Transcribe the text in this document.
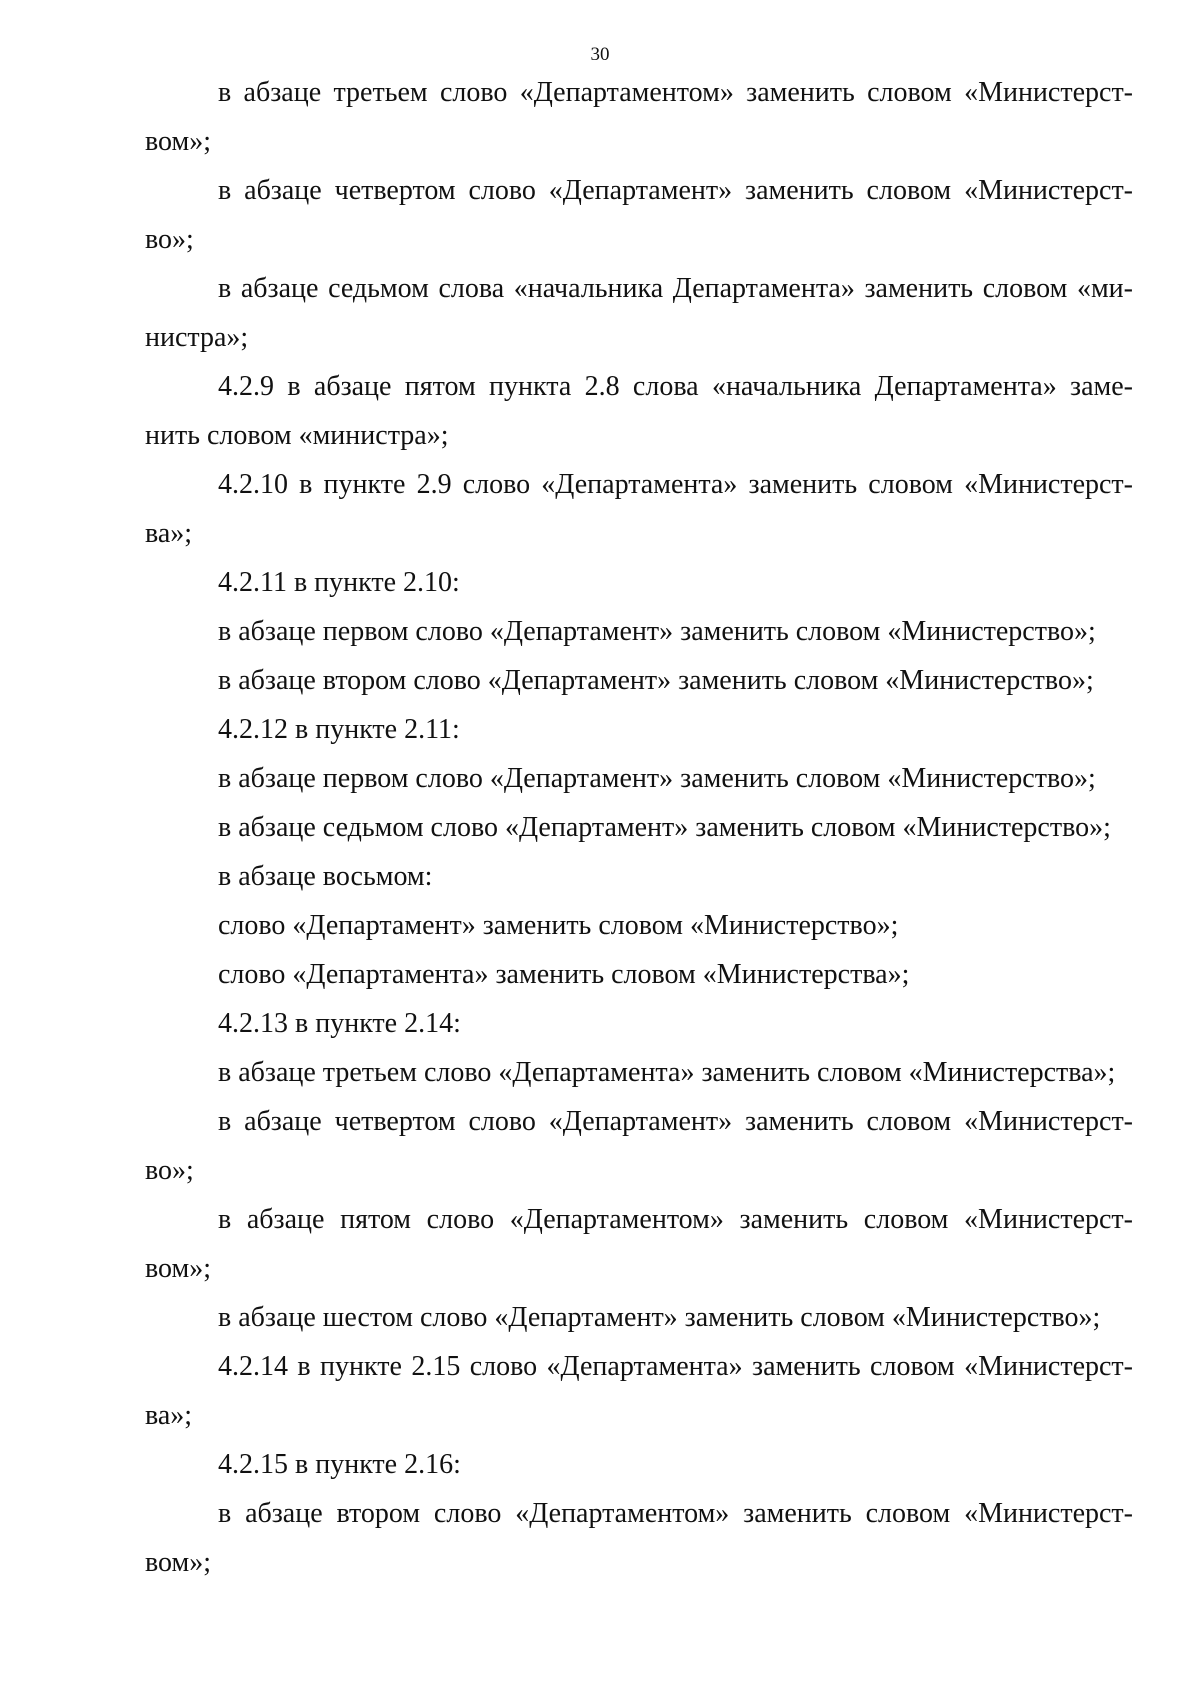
30
в абзаце третьем слово «Департаментом» заменить словом «Министерст-
вом»;
в абзаце четвертом слово «Департамент» заменить словом «Министерст-
во»;
в абзаце седьмом слова «начальника Департамента» заменить словом «ми-
нистра»;
4.2.9 в абзаце пятом пункта 2.8 слова «начальника Департамента» заме-
нить словом «министра»;
4.2.10 в пункте 2.9 слово «Департамента» заменить словом «Министерст-
ва»;
4.2.11 в пункте 2.10:
в абзаце первом слово «Департамент» заменить словом «Министерство»;
в абзаце втором слово «Департамент» заменить словом «Министерство»;
4.2.12 в пункте 2.11:
в абзаце первом слово «Департамент» заменить словом «Министерство»;
в абзаце седьмом слово «Департамент» заменить словом «Министерство»;
в абзаце восьмом:
слово «Департамент» заменить словом «Министерство»;
слово «Департамента» заменить словом «Министерства»;
4.2.13 в пункте 2.14:
в абзаце третьем слово «Департамента» заменить словом «Министерства»;
в абзаце четвертом слово «Департамент» заменить словом «Министерст-
во»;
в абзаце пятом слово «Департаментом» заменить словом «Министерст-
вом»;
в абзаце шестом слово «Департамент» заменить словом «Министерство»;
4.2.14 в пункте 2.15 слово «Департамента» заменить словом «Министерст-
ва»;
4.2.15 в пункте 2.16:
в абзаце втором слово «Департаментом» заменить словом «Министерст-
вом»;
